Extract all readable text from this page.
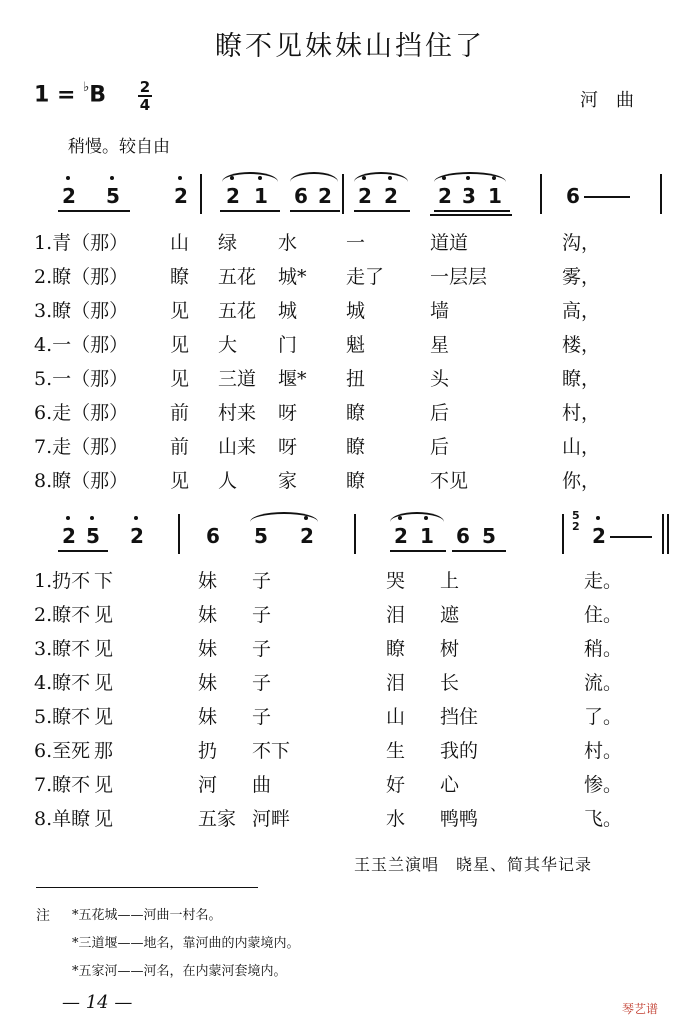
瞭不见妹妹山挡住了
1 = ♭B 2
4	河曲
稍慢。较自由
2 5	2 2 1 6 2 2 2 2 3 1	6
1.青（那） 山 绿 水	一	道道	沟，
2.瞭（那） 瞭 五花 城* 走了 一层层	雾，
3.瞭（那） 见 五花 城	城	墙	高，
4.一（那） 见 大 门	魁	星	楼，
5.一（那） 见 三道 堰* 扭	头	瞭，
6.走（那） 前 村来 呀	瞭	后	村，
7.走（那） 前 山来 呀	瞭	后	山，
8.瞭（那） 见 人 家	瞭	不见	你，
2 5 2	6 5 2	2 1 6 5	2
5
2
1.扔不 下	妹 子	哭 上	走。
2.瞭不 见	妹 子	泪 遮	住。
3.瞭不 见	妹 子	瞭 树	稍。
4.瞭不 见	妹 子	泪 长	流。
5.瞭不 见	妹 子	山 挡住	了。
6.至死 那	扔 不下	生 我的	村。
7.瞭不 见	河 曲	好 心	惨。
8.单瞭 见	五家 河畔	水 鸭鸭	飞。
王玉兰演唱　晓星、简其华记录
注 *五花城——河曲一村名。
*三道堰——地名，靠河曲的内蒙境内。
*五家河——河名，在内蒙河套境内。
— 14 —	琴艺谱
